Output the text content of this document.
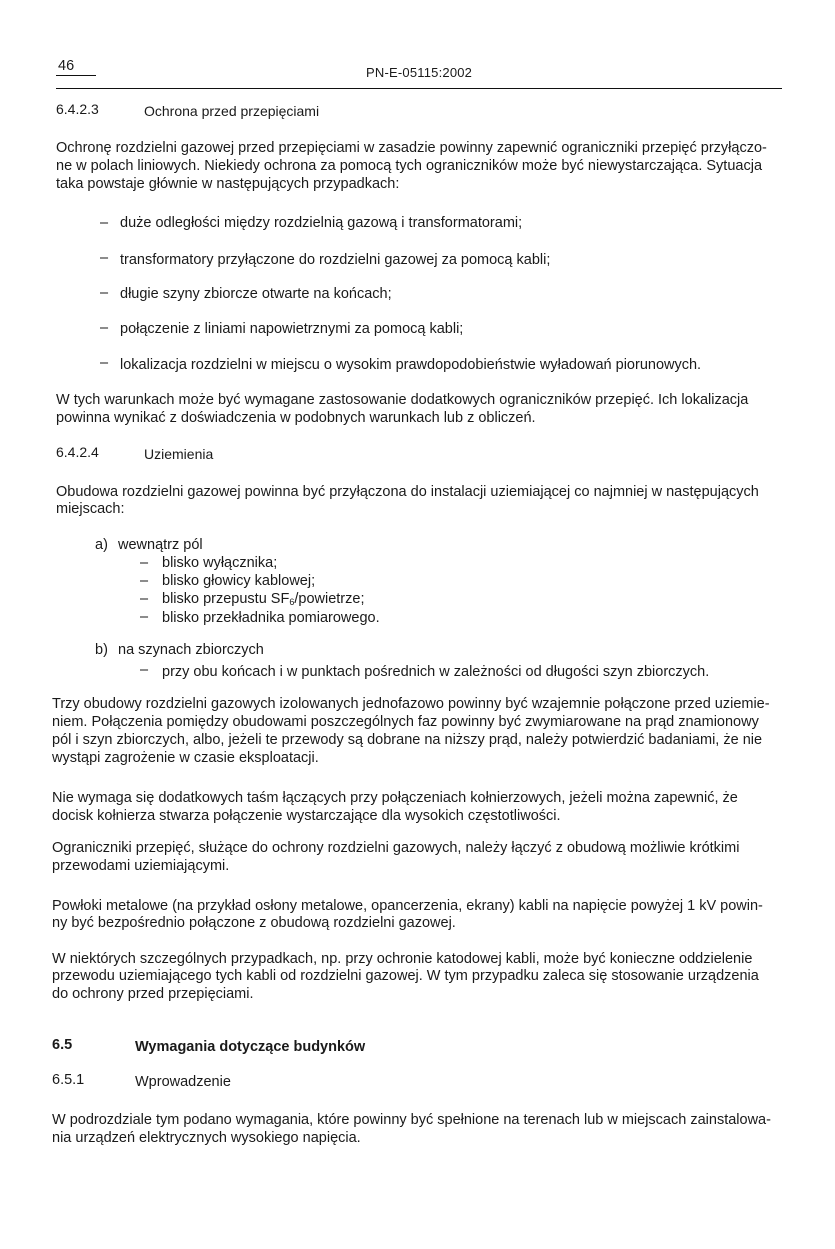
46	PN-E-05115:2002
6.4.2.3	Ochrona przed przepięciami
Ochronę rozdzielni gazowej przed przepięciami w zasadzie powinny zapewnić ograniczniki przepięć przyłączo-
ne w polach liniowych. Niekiedy ochrona za pomocą tych ograniczników może być niewystarczająca. Sytuacja
taka powstaje głównie w następujących przypadkach:
– duże odległości między rozdzielnią gazową i transformatorami;
– transformatory przyłączone do rozdzielni gazowej za pomocą kabli;
– długie szyny zbiorcze otwarte na końcach;
– połączenie z liniami napowietrznymi za pomocą kabli;
– lokalizacja rozdzielni w miejscu o wysokim prawdopodobieństwie wyładowań piorunowych.
W tych warunkach może być wymagane zastosowanie dodatkowych ograniczników przepięć. Ich lokalizacja
powinna wynikać z doświadczenia w podobnych warunkach lub z obliczeń.
6.4.2.4	Uziemienia
Obudowa rozdzielni gazowej powinna być przyłączona do instalacji uziemiającej co najmniej w następujących
miejscach:
a) wewnątrz pól
– blisko wyłącznika;
– blisko głowicy kablowej;
– blisko przepustu $SF_6$/powietrze;
– blisko przekładnika pomiarowego.
b) na szynach zbiorczych
– przy obu końcach i w punktach pośrednich w zależności od długości szyn zbiorczych.
Trzy obudowy rozdzielni gazowych izolowanych jednofazowo powinny być wzajemnie połączone przed uziemie-
niem. Połączenia pomiędzy obudowami poszczególnych faz powinny być zwymiarowane na prąd znamionowy
pól i szyn zbiorczych, albo, jeżeli te przewody są dobrane na niższy prąd, należy potwierdzić badaniami, że nie
wystąpi zagrożenie w czasie eksploatacji.
Nie wymaga się dodatkowych taśm łączących przy połączeniach kołnierzowych, jeżeli można zapewnić, że
docisk kołnierza stwarza połączenie wystarczające dla wysokich częstotliwości.
Ograniczniki przepięć, służące do ochrony rozdzielni gazowych, należy łączyć z obudową możliwie krótkimi
przewodami uziemiającymi.
Powłoki metalowe (na przykład osłony metalowe, opancerzenia, ekrany) kabli na napięcie powyżej 1 kV powin-
ny być bezpośrednio połączone z obudową rozdzielni gazowej.
W niektórych szczególnych przypadkach, np. przy ochronie katodowej kabli, może być konieczne oddzielenie
przewodu uziemiającego tych kabli od rozdzielni gazowej. W tym przypadku zaleca się stosowanie urządzenia
do ochrony przed przepięciami.
6.5	Wymagania dotyczące budynków
6.5.1	Wprowadzenie
W podrozdziale tym podano wymagania, które powinny być spełnione na terenach lub w miejscach zainstalowa-
nia urządzeń elektrycznych wysokiego napięcia.
